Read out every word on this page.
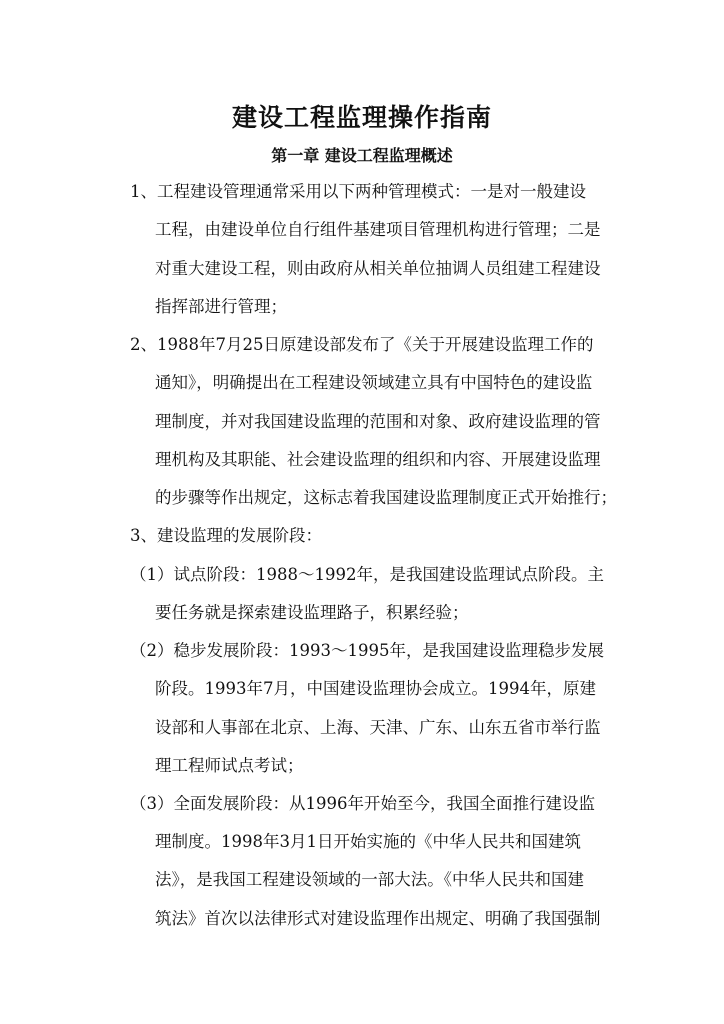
建设工程监理操作指南
第一章 建设工程监理概述
1、工程建设管理通常采用以下两种管理模式：一是对一般建设
工程，由建设单位自行组件基建项目管理机构进行管理；二是
对重大建设工程，则由政府从相关单位抽调人员组建工程建设
指挥部进行管理；
2、1988年7月25日原建设部发布了《关于开展建设监理工作的
通知》，明确提出在工程建设领域建立具有中国特色的建设监
理制度，并对我国建设监理的范围和对象、政府建设监理的管
理机构及其职能、社会建设监理的组织和内容、开展建设监理
的步骤等作出规定，这标志着我国建设监理制度正式开始推行；
3、建设监理的发展阶段：
（1）试点阶段：1988～1992年，是我国建设监理试点阶段。主
要任务就是探索建设监理路子，积累经验；
（2）稳步发展阶段：1993～1995年，是我国建设监理稳步发展
阶段。1993年7月，中国建设监理协会成立。1994年，原建
设部和人事部在北京、上海、天津、广东、山东五省市举行监
理工程师试点考试；
（3）全面发展阶段：从1996年开始至今，我国全面推行建设监
理制度。1998年3月1日开始实施的《中华人民共和国建筑
法》，是我国工程建设领域的一部大法。《中华人民共和国建
筑法》首次以法律形式对建设监理作出规定、明确了我国强制
